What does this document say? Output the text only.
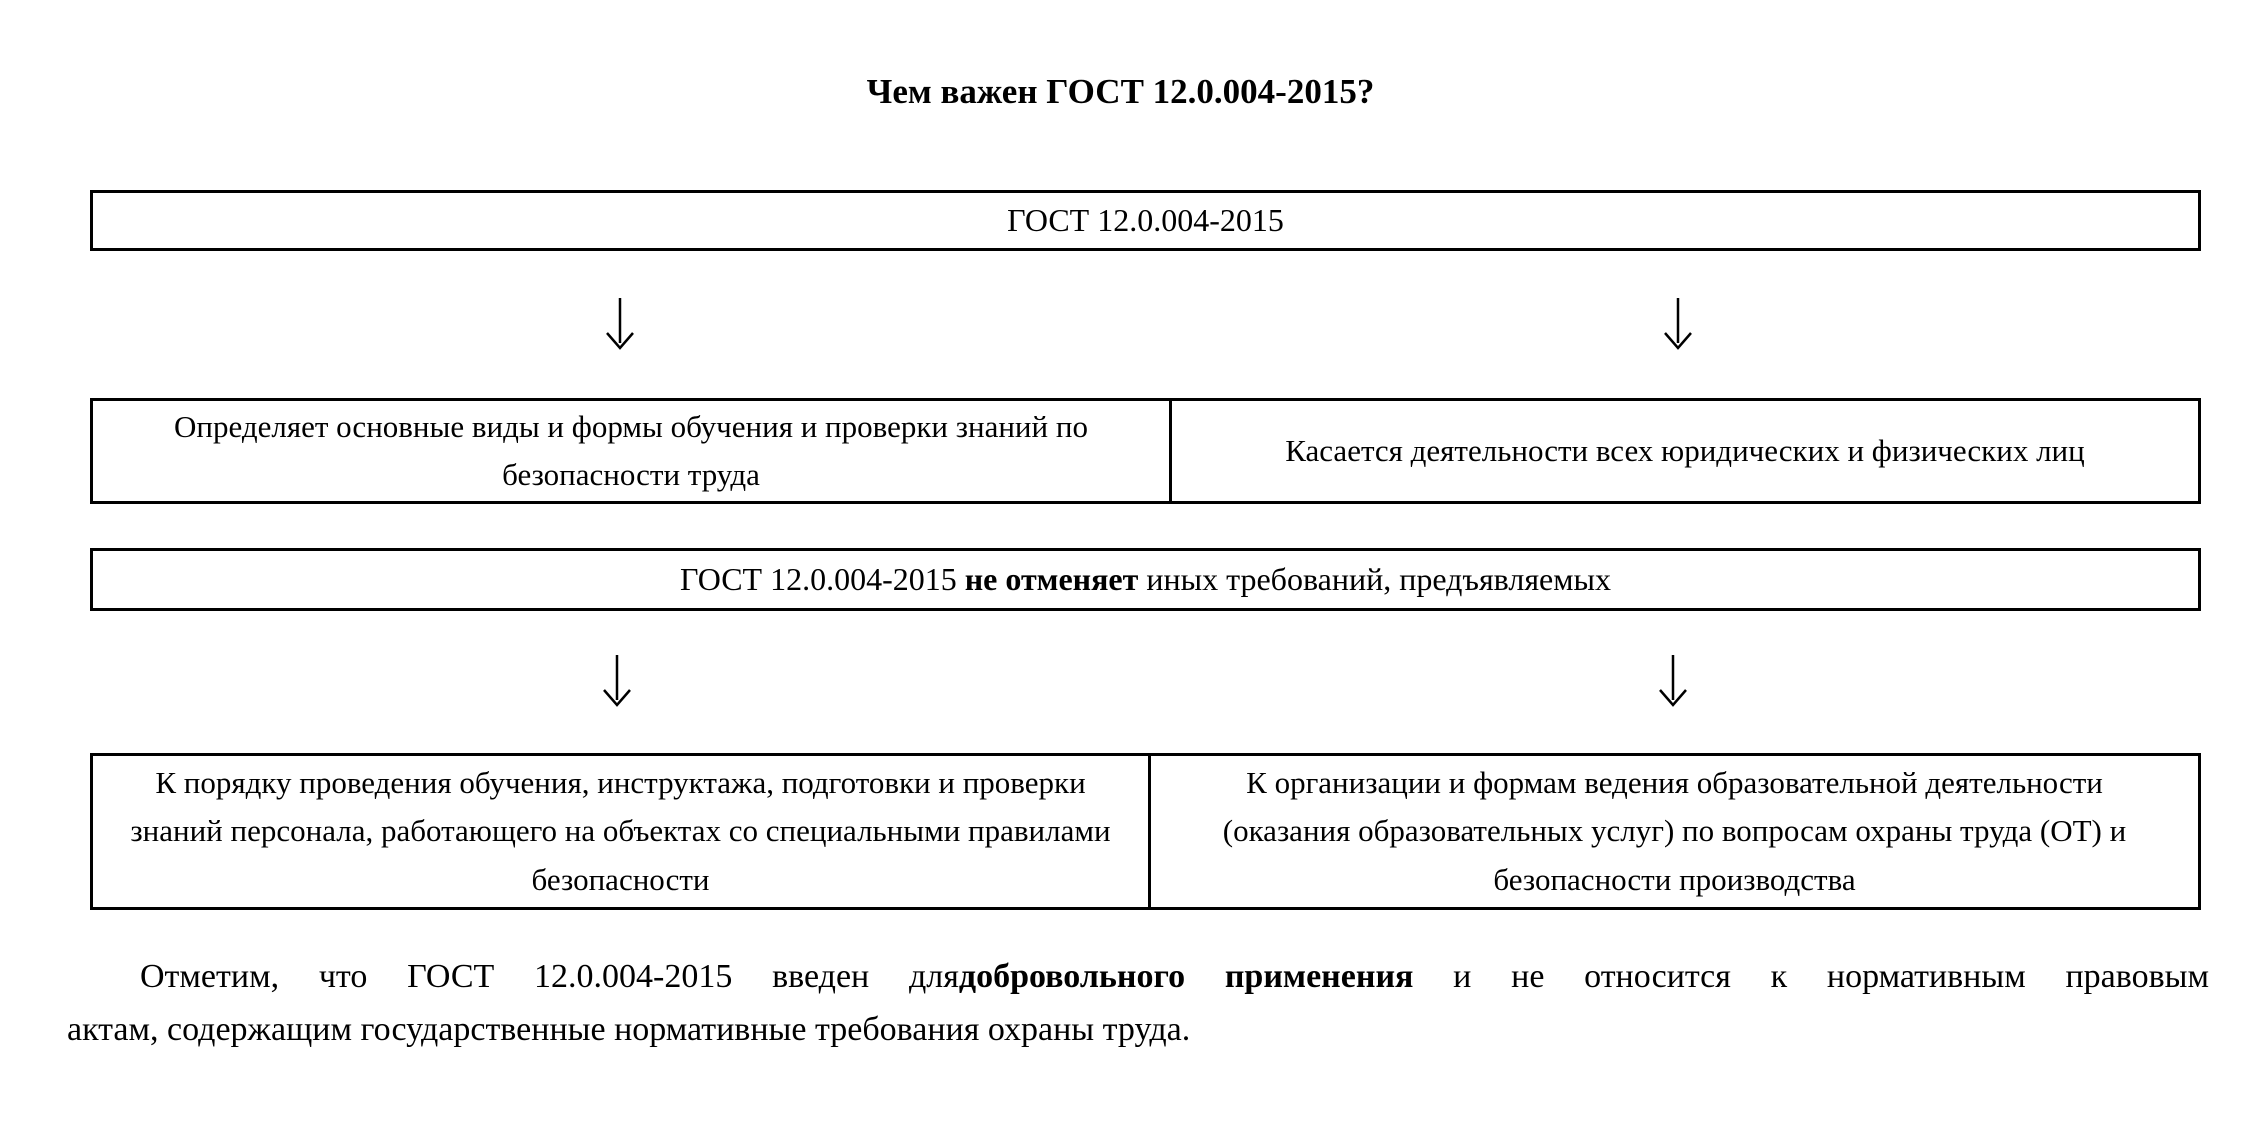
Чем важен ГОСТ 12.0.004-2015?
ГОСТ 12.0.004-2015
Определяет основные виды и формы обучения и проверки знаний по безопасности труда
Касается деятельности всех юридических и физических лиц
ГОСТ 12.0.004-2015 не отменяет иных требований, предъявляемых
К порядку проведения обучения, инструктажа, подготовки и проверки знаний персонала, работающего на объектах со специальными правилами безопасности
К организации и формам ведения образовательной деятельности (оказания образовательных услуг) по вопросам охраны труда (ОТ) и безопасности производства
Отметим, что ГОСТ 12.0.004-2015 введен длядобровольного применения и не относится к нормативным правовым
актам, содержащим государственные нормативные требования охраны труда.
